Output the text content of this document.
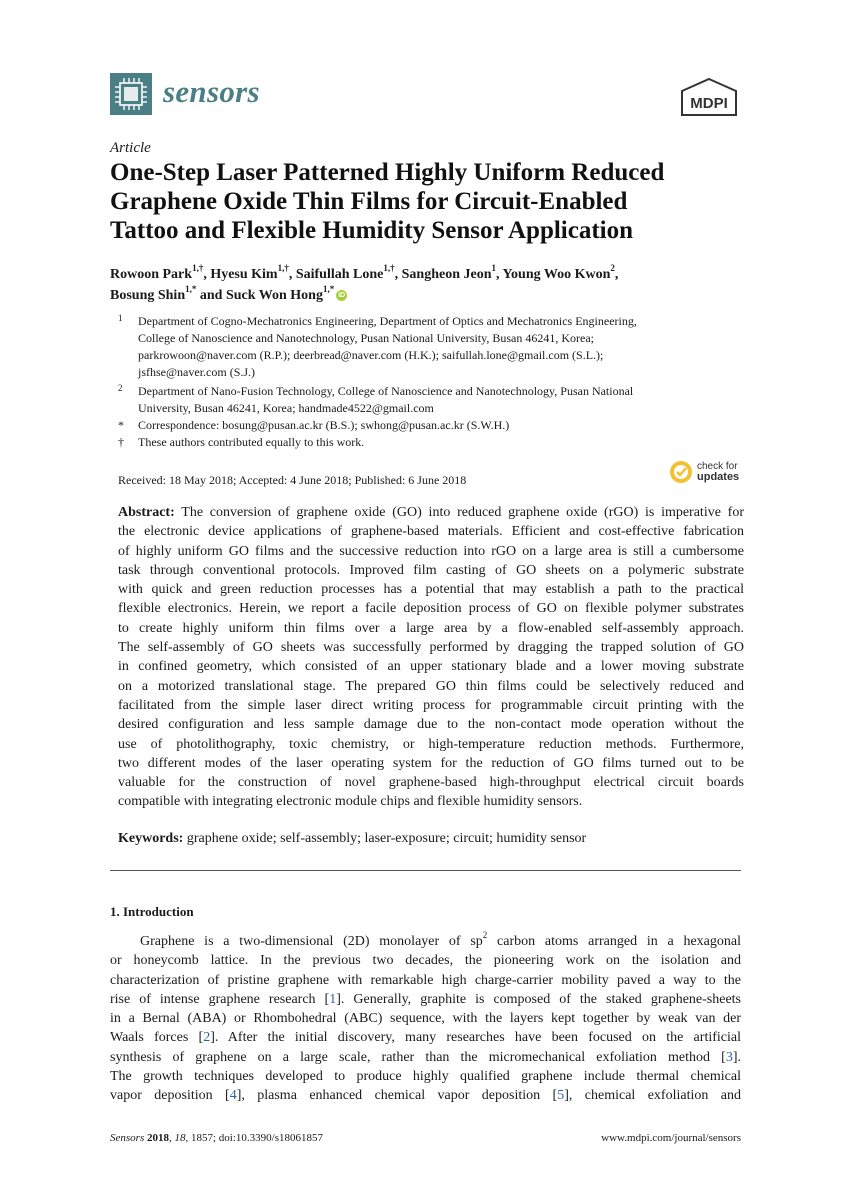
sensors	MDPI
Article
One-Step Laser Patterned Highly Uniform Reduced
Graphene Oxide Thin Films for Circuit-Enabled
Tattoo and Flexible Humidity Sensor Application
Rowoon Park$^{1,\dagger}$, Hyesu Kim$^{1,\dagger}$, Saifullah Lone$^{1,\dagger}$, Sangheon Jeon$^1$, Young Woo Kwon$^2$,
Bosung Shin$^{1,*}$ and Suck Won Hong$^{1,*}$iD
1	Department of Cogno-Mechatronics Engineering, Department of Optics and Mechatronics Engineering,
College of Nanoscience and Nanotechnology, Pusan National University, Busan 46241, Korea;
parkrowoon@naver.com (R.P.); deerbread@naver.com (H.K.); saifullah.lone@gmail.com (S.L.);
jsfhse@naver.com (S.J.)
2	Department of Nano-Fusion Technology, College of Nanoscience and Nanotechnology, Pusan National
University, Busan 46241, Korea; handmade4522@gmail.com
*	Correspondence: bosung@pusan.ac.kr (B.S.); swhong@pusan.ac.kr (S.W.H.)
†	These authors contributed equally to this work.
Received: 18 May 2018; Accepted: 4 June 2018; Published: 6 June 2018
check for
updates
Abstract: The conversion of graphene oxide (GO) into reduced graphene oxide (rGO) is imperative for
the electronic device applications of graphene-based materials. Efficient and cost-effective fabrication
of highly uniform GO films and the successive reduction into rGO on a large area is still a cumbersome
task through conventional protocols. Improved film casting of GO sheets on a polymeric substrate
with quick and green reduction processes has a potential that may establish a path to the practical
flexible electronics. Herein, we report a facile deposition process of GO on flexible polymer substrates
to create highly uniform thin films over a large area by a flow-enabled self-assembly approach.
The self-assembly of GO sheets was successfully performed by dragging the trapped solution of GO
in confined geometry, which consisted of an upper stationary blade and a lower moving substrate
on a motorized translational stage. The prepared GO thin films could be selectively reduced and
facilitated from the simple laser direct writing process for programmable circuit printing with the
desired configuration and less sample damage due to the non-contact mode operation without the
use of photolithography, toxic chemistry, or high-temperature reduction methods. Furthermore,
two different modes of the laser operating system for the reduction of GO films turned out to be
valuable for the construction of novel graphene-based high-throughput electrical circuit boards
compatible with integrating electronic module chips and flexible humidity sensors.
Keywords: graphene oxide; self-assembly; laser-exposure; circuit; humidity sensor
1. Introduction
Graphene is a two-dimensional (2D) monolayer of $sp^2$ carbon atoms arranged in a hexagonal
or honeycomb lattice. In the previous two decades, the pioneering work on the isolation and
characterization of pristine graphene with remarkable high charge-carrier mobility paved a way to the
rise of intense graphene research [1]. Generally, graphite is composed of the staked graphene-sheets
in a Bernal (ABA) or Rhombohedral (ABC) sequence, with the layers kept together by weak van der
Waals forces [2]. After the initial discovery, many researches have been focused on the artificial
synthesis of graphene on a large scale, rather than the micromechanical exfoliation method [3].
The growth techniques developed to produce highly qualified graphene include thermal chemical
vapor deposition [4], plasma enhanced chemical vapor deposition [5], chemical exfoliation and
Sensors 2018, 18, 1857; doi:10.3390/s18061857	www.mdpi.com/journal/sensors
